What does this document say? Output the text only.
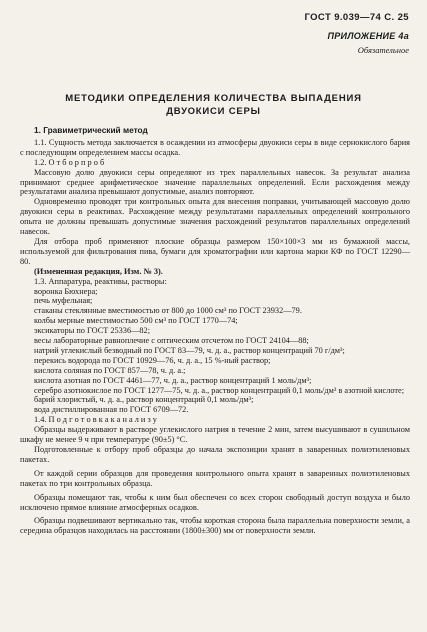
ГОСТ 9.039—74 С. 25
ПРИЛОЖЕНИЕ 4а
Обязательное
МЕТОДИКИ ОПРЕДЕЛЕНИЯ КОЛИЧЕСТВА ВЫПАДЕНИЯ
ДВУОКИСИ СЕРЫ

1. Гравиметрический метод

1.1. Сущность метода заключается в осаждении из атмосферы двуокиси серы в виде сернокислого бария с последующим определением массы осадка.

1.2. О т б о р п р о б

Массовую долю двуокиси серы определяют из трех параллельных навесок. За результат анализа принимают среднее арифметическое значение параллельных определений. Если расхождения между результатами анализа превышают допустимые, анализ повторяют.

Одновременно проводят три контрольных опыта для внесения поправки, учитывающей массовую долю двуокиси серы в реактивах. Расхождение между результатами параллельных определений контрольного опыта не должны превышать допустимые значения расхождений результатов параллельных определений навесок.

Для отбора проб применяют плоские образцы размером 150×100×3 мм из бумажной массы, используемой для фильтрования пива, бумаги для хроматографии или картона марки КФ по ГОСТ 12290—80.

(Измененная редакция, Изм. № 3).

1.3. Аппаратура, реактивы, растворы:

воронка Бюхнера;

печь муфельная;

стаканы стеклянные вместимостью от 800 до 1000 см³ по ГОСТ 23932—79.

колбы мерные вместимостью 500 см³ по ГОСТ 1770—74;

эксикаторы по ГОСТ 25336—82;

весы лабораторные равноплечие с оптическим отсчетом по ГОСТ 24104—88;

натрий углекислый безводный по ГОСТ 83—79, ч. д. а., раствор концентраций 70 г/дм³;

перекись водорода по ГОСТ 10929—76, ч. д. а., 15 %-ный раствор;

кислота соляная по ГОСТ 857—78, ч. д. а.;

кислота азотная по ГОСТ 4461—77, ч. д. а., раствор концентраций 1 моль/дм³;

серебро азотнокислое по ГОСТ 1277—75, ч. д. а., раствор концентраций 0,1 моль/дм³ в азотной кислоте;

барий хлористый, ч. д. а., раствор концентраций 0,1 моль/дм³;

вода дистиллированная по ГОСТ 6709—72.

1.4. П о д г о т о в к а к а н а л и з у

Образцы выдерживают в растворе углекислого натрия в течение 2 мин, затем высушивают в сушильном шкафу не менее 9 ч при температуре (90±5) °С.

Подготовленные к отбору проб образцы до начала экспозиции хранят в заваренных полиэтиленовых пакетах.

От каждой серии образцов для проведения контрольного опыта хранят в заваренных полиэтиленовых пакетах по три контрольных образца.

Образцы помещают так, чтобы к ним был обеспечен со всех сторон свободный доступ воздуха и было исключено прямое влияние атмосферных осадков.

Образцы подвешивают вертикально так, чтобы короткая сторона была параллельна поверхности земли, а середина образцов находилась на расстоянии (1800±300) мм от поверхности земли.
